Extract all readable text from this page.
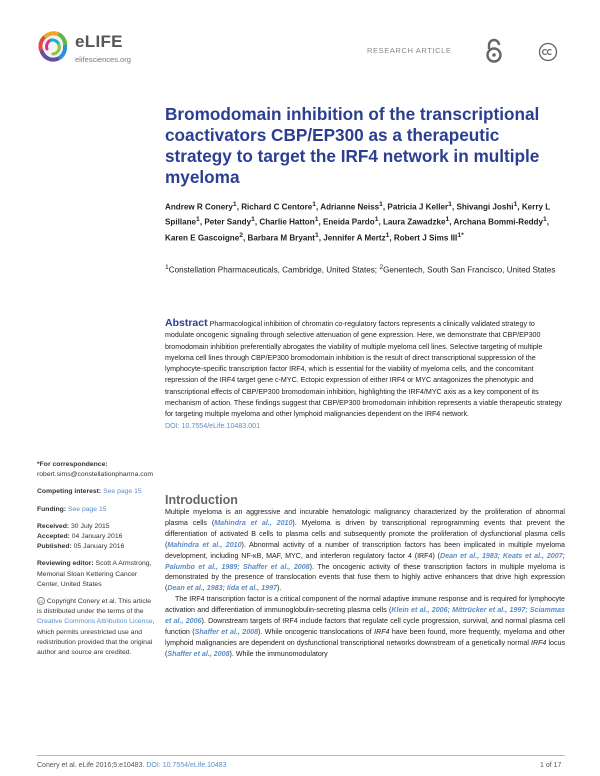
eLIFE
elifesciences.org
RESEARCH ARTICLE
Bromodomain inhibition of the transcriptional coactivators CBP/EP300 as a therapeutic strategy to target the IRF4 network in multiple myeloma
Andrew R Conery$^1$, Richard C Centore$^1$, Adrianne Neiss$^1$, Patricia J Keller$^1$, Shivangi Joshi$^1$, Kerry L Spillane$^1$, Peter Sandy$^1$, Charlie Hatton$^1$, Eneida Pardo$^1$, Laura Zawadzke$^1$, Archana Bommi-Reddy$^1$, Karen E Gascoigne$^2$, Barbara M Bryant$^1$, Jennifer A Mertz$^1$, Robert J Sims $III^{1*}$
$^1$Constellation Pharmaceuticals, Cambridge, United States; $^2$Genentech, South San Francisco, United States
Abstract Pharmacological inhibition of chromatin co-regulatory factors represents a clinically validated strategy to modulate oncogenic signaling through selective attenuation of gene expression. Here, we demonstrate that CBP/EP300 bromodomain inhibition preferentially abrogates the viability of multiple myeloma cell lines. Selective targeting of multiple myeloma cell lines through CBP/EP300 bromodomain inhibition is the result of direct transcriptional suppression of the lymphocyte-specific transcription factor IRF4, which is essential for the viability of myeloma cells, and the concomitant repression of the IRF4 target gene c-MYC. Ectopic expression of either IRF4 or MYC antagonizes the phenotypic and transcriptional effects of CBP/EP300 bromodomain inhibition, highlighting the IRF4/MYC axis as a key component of its mechanism of action. These findings suggest that CBP/EP300 bromodomain inhibition represents a viable therapeutic strategy for targeting multiple myeloma and other lymphoid malignancies dependent on the IRF4 network.
DOI: 10.7554/eLife.10483.001
*For correspondence: robert.sims@constellationpharma.com
Competing interest: See page 15
Funding: See page 15
Received: 30 July 2015
Accepted: 04 January 2016
Published: 05 January 2016
Reviewing editor: Scott A Armstrong, Memorial Sloan Kettering Cancer Center, United States
cc Copyright Conery et al. This article is distributed under the terms of the Creative Commons Attribution License, which permits unrestricted use and redistribution provided that the original author and source are credited.
Introduction

Multiple myeloma is an aggressive and incurable hematologic malignancy characterized by the proliferation of abnormal plasma cells (Mahindra et al., 2010). Myeloma is driven by transcriptional reprogramming events that prevent the differentiation of activated B cells to plasma cells and subsequently promote the proliferation of dysfunctional plasma cells (Mahindra et al., 2010). Abnormal activity of a number of transcription factors has been implicated in multiple myeloma development, including NF-κB, MAF, MYC, and interferon regulatory factor 4 (IRF4) (Dean et al., 1983; Keats et al., 2007; Palumbo et al., 1989; Shaffer et al., 2008). The oncogenic activity of these transcription factors in multiple myeloma is demonstrated by the presence of translocation events that fuse them to highly active enhancers that drive high expression (Dean et al., 1983; Iida et al., 1997).

The IRF4 transcription factor is a critical component of the normal adaptive immune response and is required for lymphocyte activation and differentiation of immunoglobulin-secreting plasma cells (Klein et al., 2006; Mittrücker et al., 1997; Sciammas et al., 2006). Downstream targets of IRF4 include factors that regulate cell cycle progression, survival, and normal plasma cell function (Shaffer et al., 2008). While oncogenic translocations of IRF4 have been found, more frequently, myeloma and other lymphoid malignancies are dependent on dysfunctional transcriptional networks downstream of a genetically normal IRF4 locus (Shaffer et al., 2008). While the immunomodulatory

Conery et al. eLife 2016;5:e10483. DOI: 10.7554/eLife.10483	1 of 17
